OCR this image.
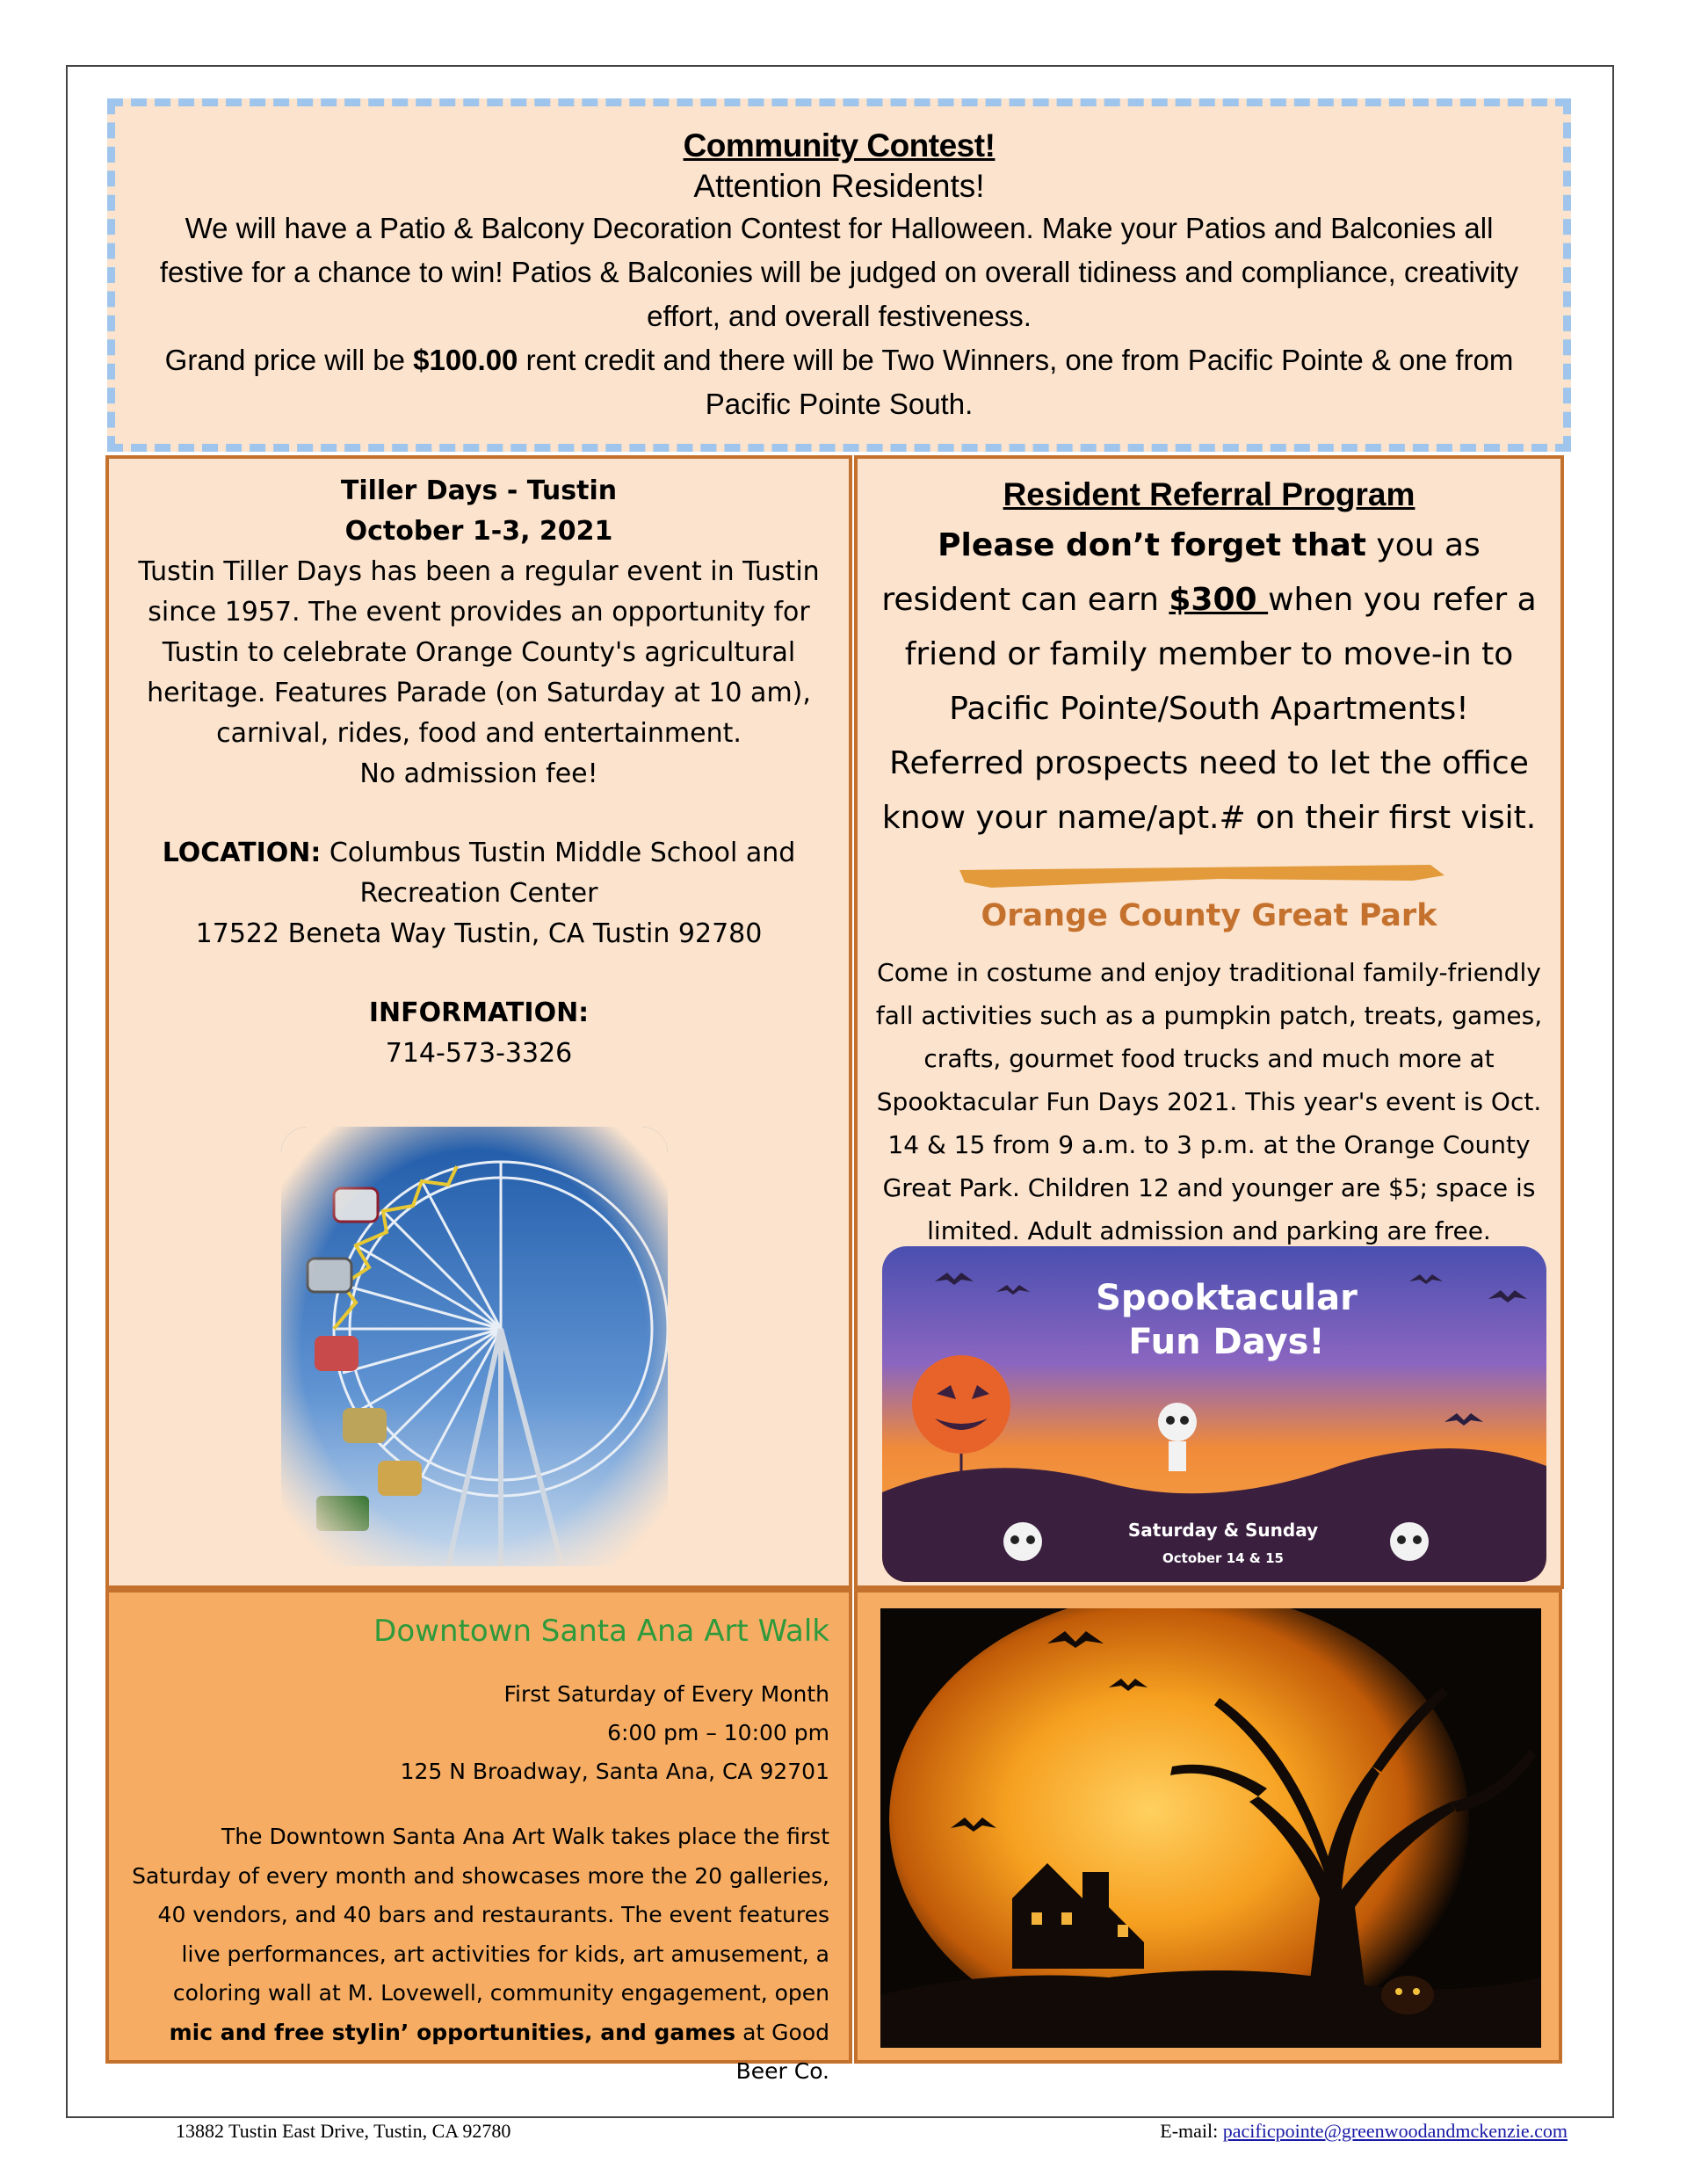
Community Contest!
Attention Residents!
We will have a Patio & Balcony Decoration Contest for Halloween. Make your Patios and Balconies all festive for a chance to win! Patios & Balconies will be judged on overall tidiness and compliance, creativity effort, and overall festiveness.
Grand price will be $100.00 rent credit and there will be Two Winners, one from Pacific Pointe & one from Pacific Pointe South.

Tiller Days - Tustin

October 1-3, 2021

Tustin Tiller Days has been a regular event in Tustin since 1957. The event provides an opportunity for Tustin to celebrate Orange County's agricultural heritage. Features Parade (on Saturday at 10 am), carnival, rides, food and entertainment.

No admission fee!

LOCATION: Columbus Tustin Middle School and Recreation Center

17522 Beneta Way Tustin, CA Tustin 92780

INFORMATION:

714-573-3326

Resident Referral Program
Please don’t forget that you as resident can earn $300 when you refer a friend or family member to move-in to Pacific Pointe/South Apartments!
Referred prospects need to let the office know your name/apt.# on their first visit.
Orange County Great Park
Come in costume and enjoy traditional family-friendly fall activities such as a pumpkin patch, treats, games, crafts, gourmet food trucks and much more at Spooktacular Fun Days 2021. This year's event is Oct. 14 & 15 from 9 a.m. to 3 p.m. at the Orange County Great Park. Children 12 and younger are $5; space is limited. Adult admission and parking are free.
Spooktacular
Fun Days!
Saturday & Sunday
October 14 & 15
Downtown Santa Ana Art Walk
First Saturday of Every Month
6:00 pm – 10:00 pm
125 N Broadway, Santa Ana, CA 92701
The Downtown Santa Ana Art Walk takes place the first Saturday of every month and showcases more the 20 galleries, 40 vendors, and 40 bars and restaurants. The event features live performances, art activities for kids, art amusement, a coloring wall at M. Lovewell, community engagement, open mic and free stylin’ opportunities, and games at Good Beer Co.
13882 Tustin East Drive, Tustin, CA 92780	E-mail: pacificpointe@greenwoodandmckenzie.com
